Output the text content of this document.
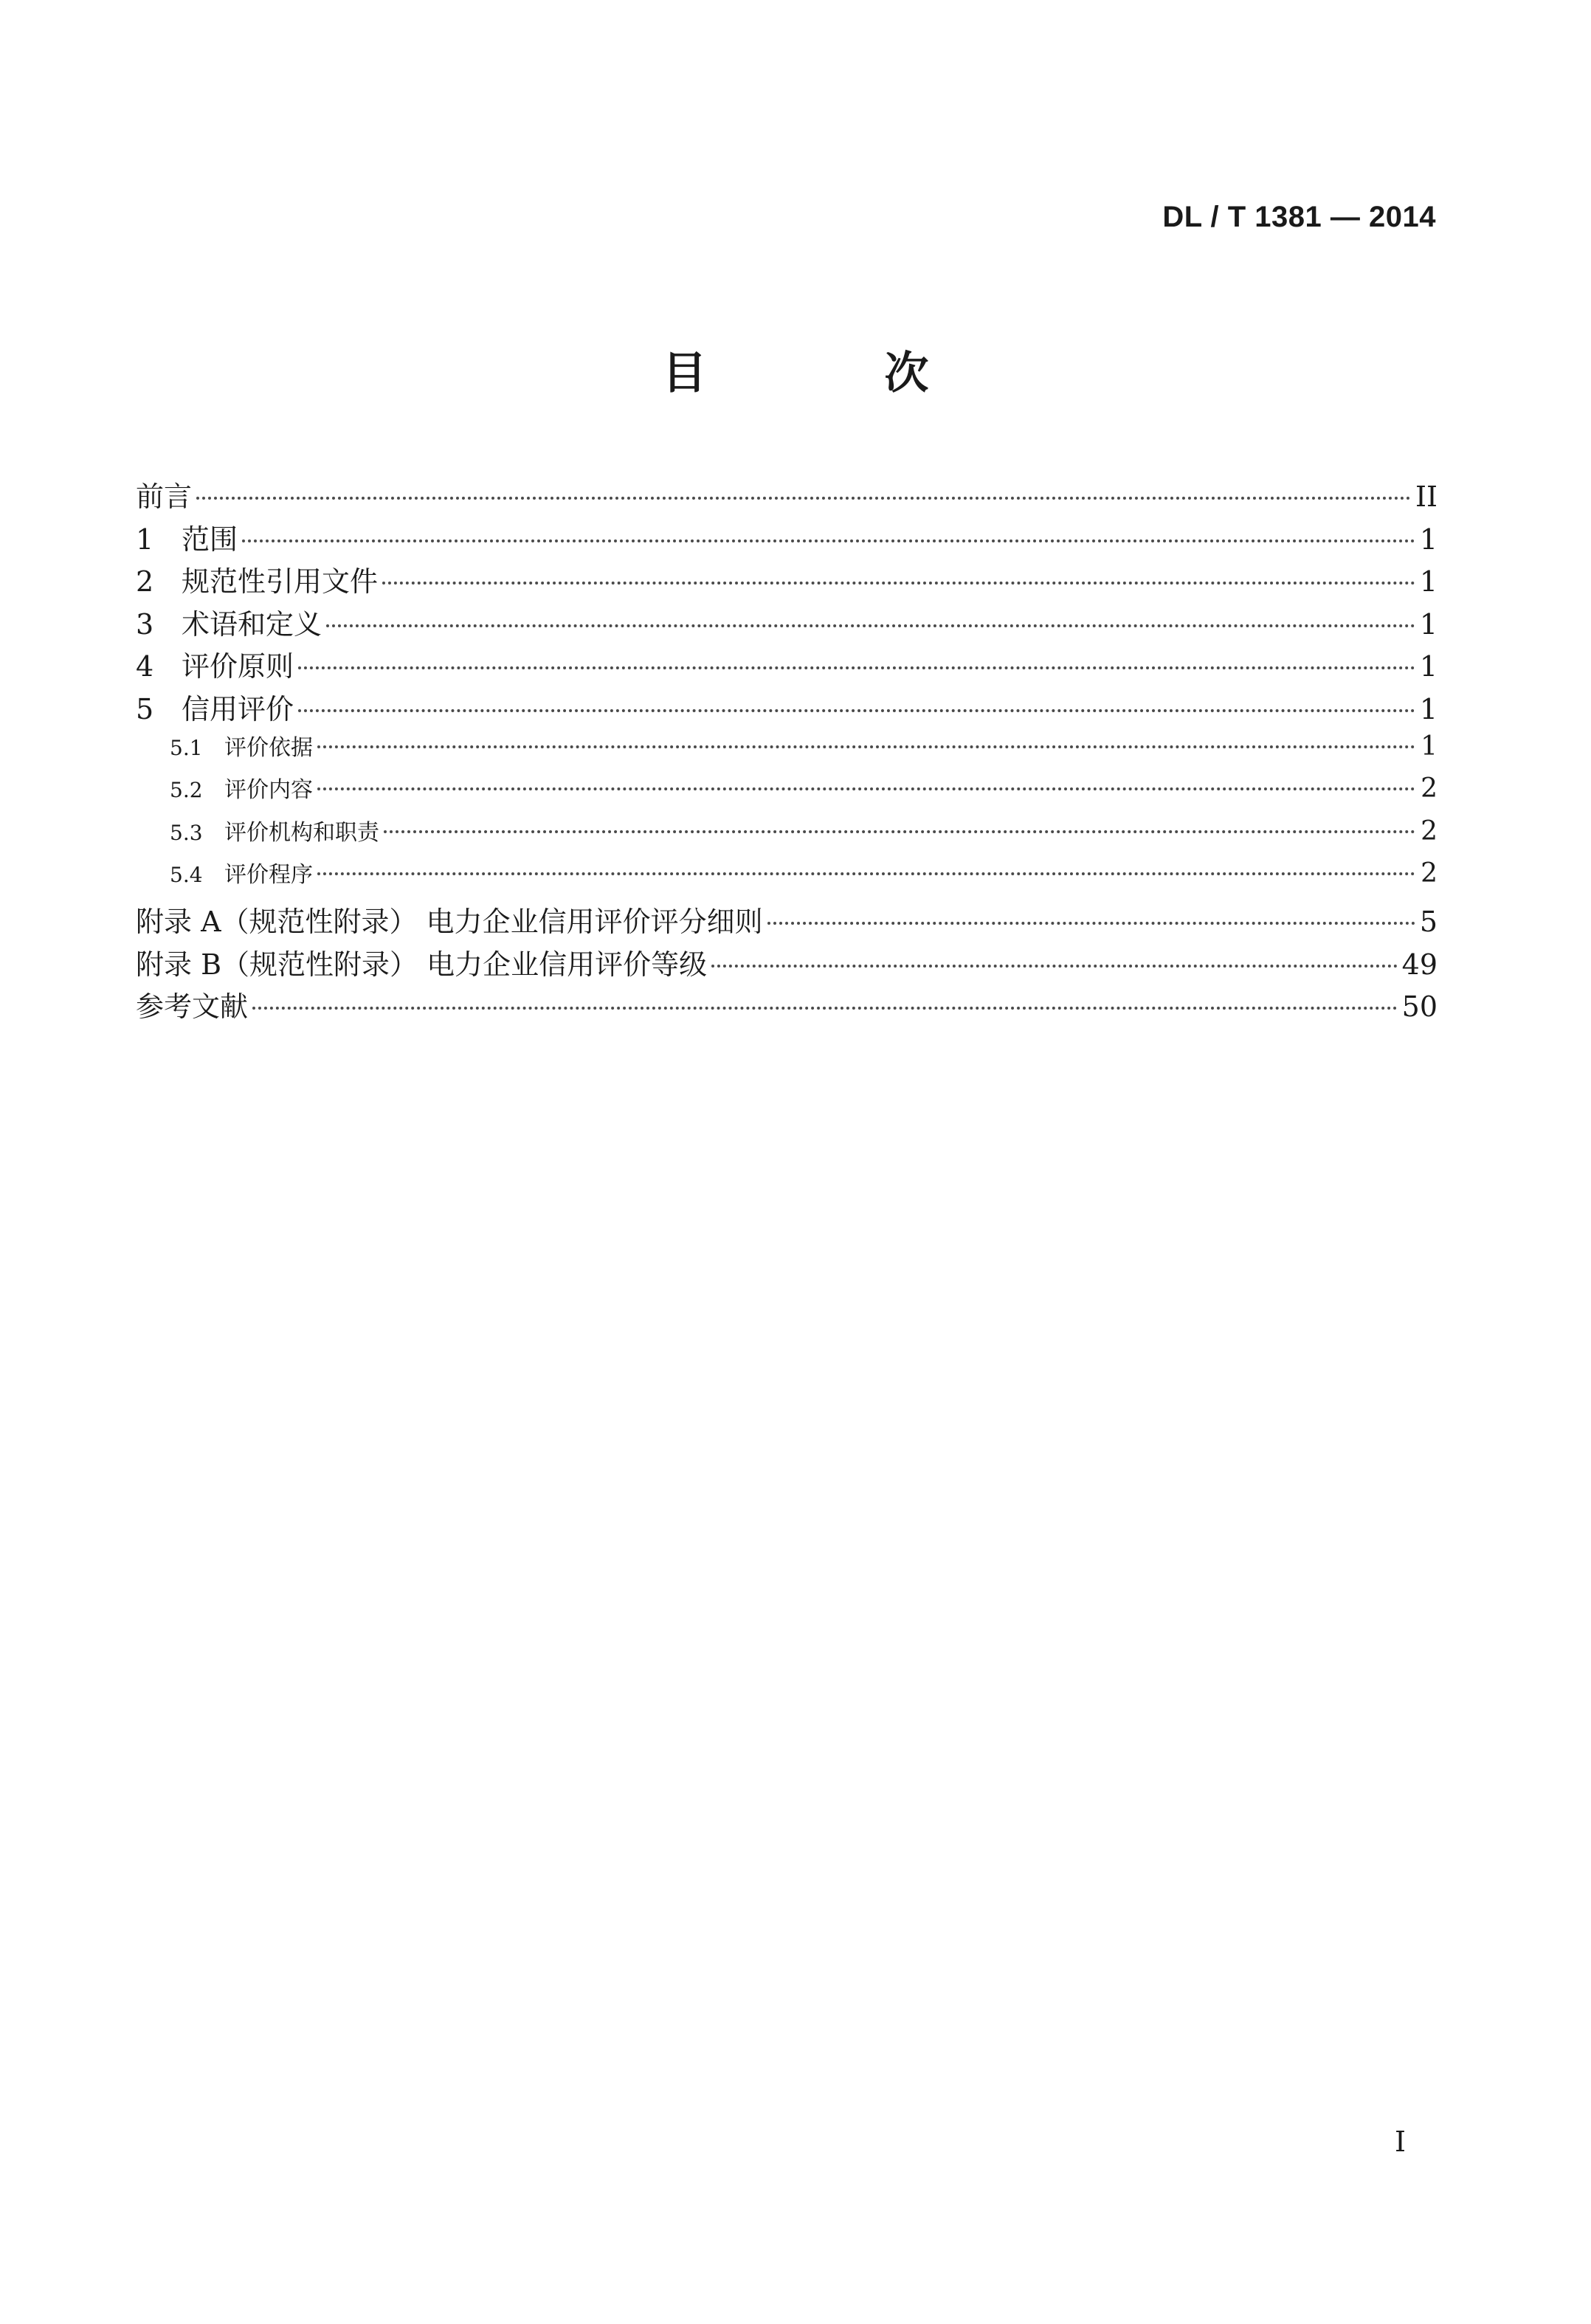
DL / T 1381 — 2014
目 次
前言	II
1 范围	1
2 规范性引用文件	1
3 术语和定义	1
4 评价原则	1
5 信用评价	1
5.1 评价依据	1
5.2 评价内容	2
5.3 评价机构和职责	2
5.4 评价程序	2
附录 A（规范性附录） 电力企业信用评价评分细则	5
附录 B（规范性附录） 电力企业信用评价等级	49
参考文献	50
I
